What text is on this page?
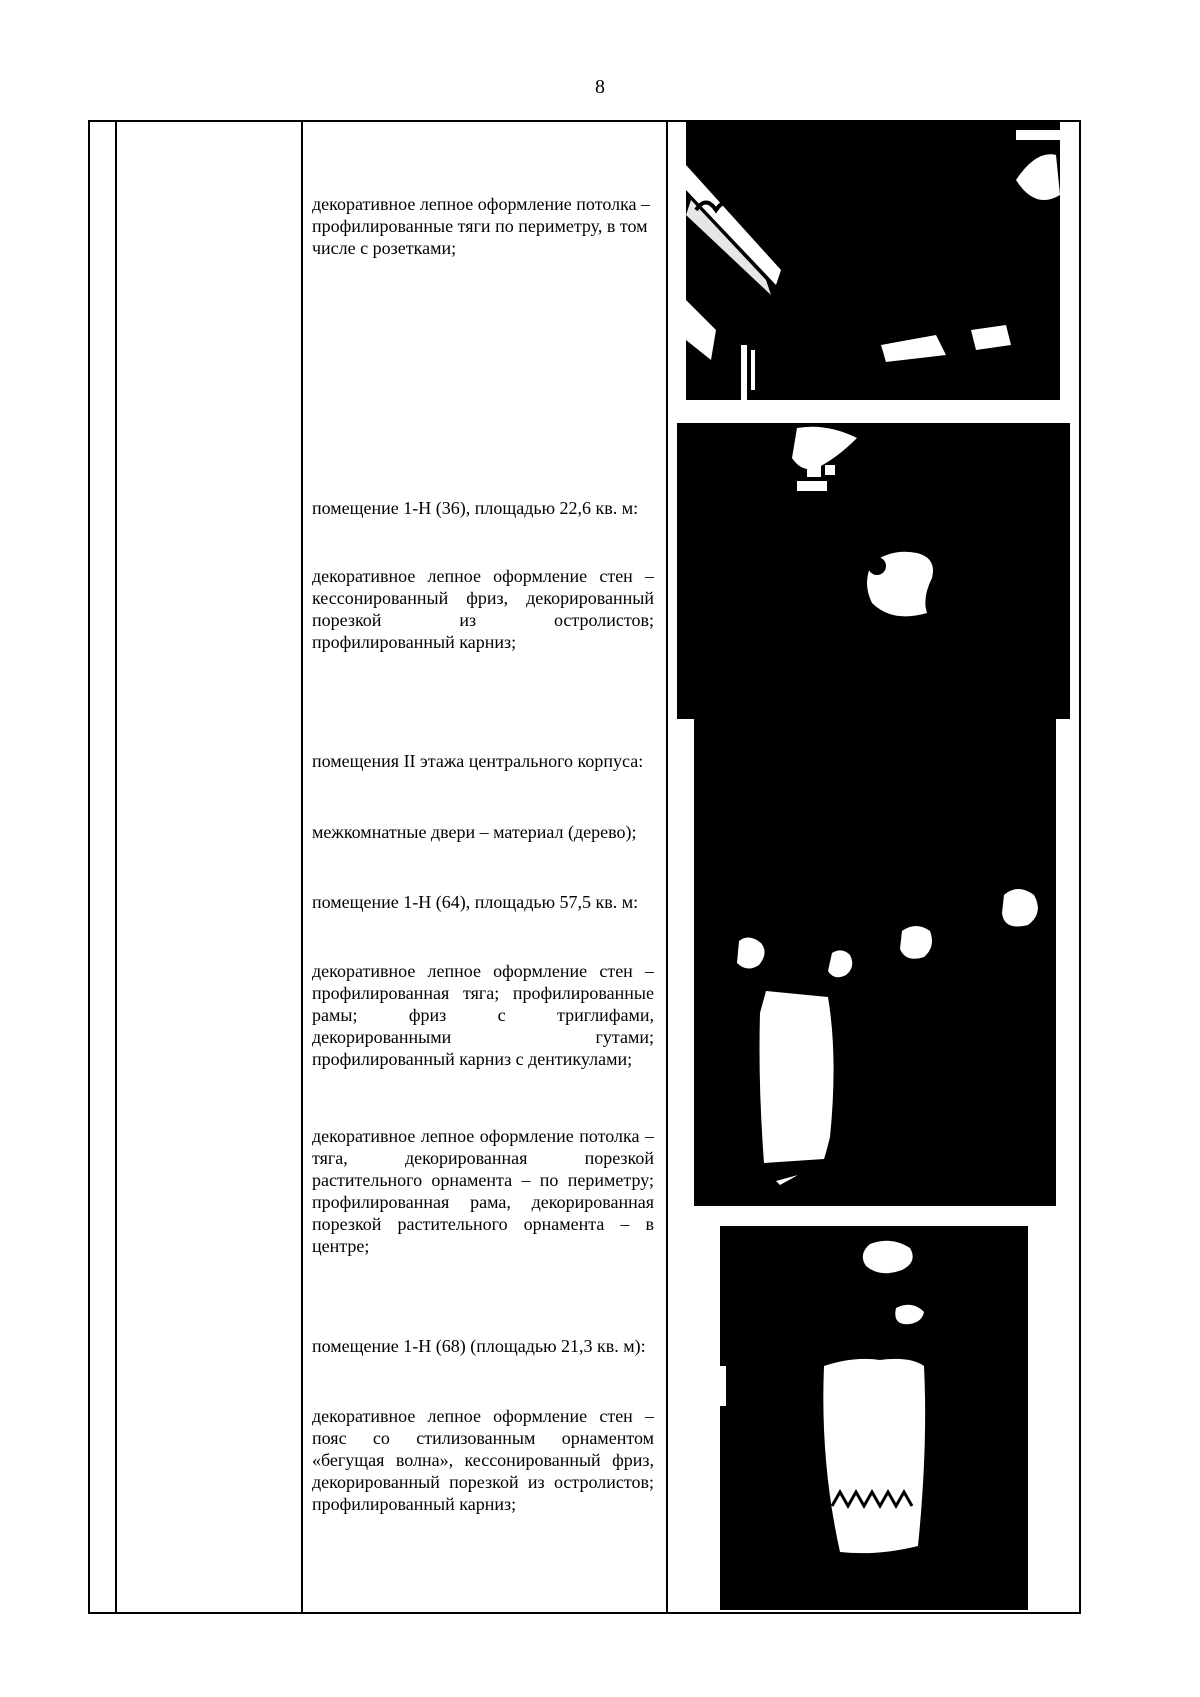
8
декоративное лепное оформление потолка – профилированные тяги по периметру, в том числе с розетками;
помещение 1-Н (36), площадью 22,6 кв. м:
декоративное лепное оформление стен – кессонированный фриз, декорированный порезкой из остролистов; профилированный карниз;
помещения II этажа центрального корпуса:
межкомнатные двери – материал (дерево);
помещение 1-Н (64), площадью 57,5 кв. м:
декоративное лепное оформление стен – профилированная тяга; профилированные рамы; фриз с триглифами, декорированными гутами; профилированный карниз с дентикулами;
декоративное лепное оформление потолка – тяга, декорированная порезкой растительного орнамента – по периметру; профилированная рама, декорированная порезкой растительного орнамента – в центре;
помещение 1-Н (68) (площадью 21,3 кв. м):
декоративное лепное оформление стен – пояс со стилизованным орнаментом «бегущая волна», кессонированный фриз, декорированный порезкой из остролистов; профилированный карниз;
